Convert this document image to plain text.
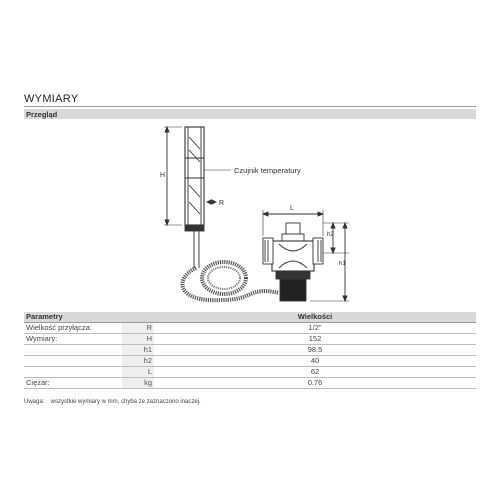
WYMIARY
Przegląd
H
Czujnik temperatury
R
L
h2
h1
Parametry		Wielkości
Wielkość przyłącza:	R	1/2"
Wymiary:	H	152
	h1	98.5
	h2	40
	L	62
Ciężar:	kg	0.76
Uwaga: wszystkie wymiary w mm, chyba że zaznaczono inaczej.
